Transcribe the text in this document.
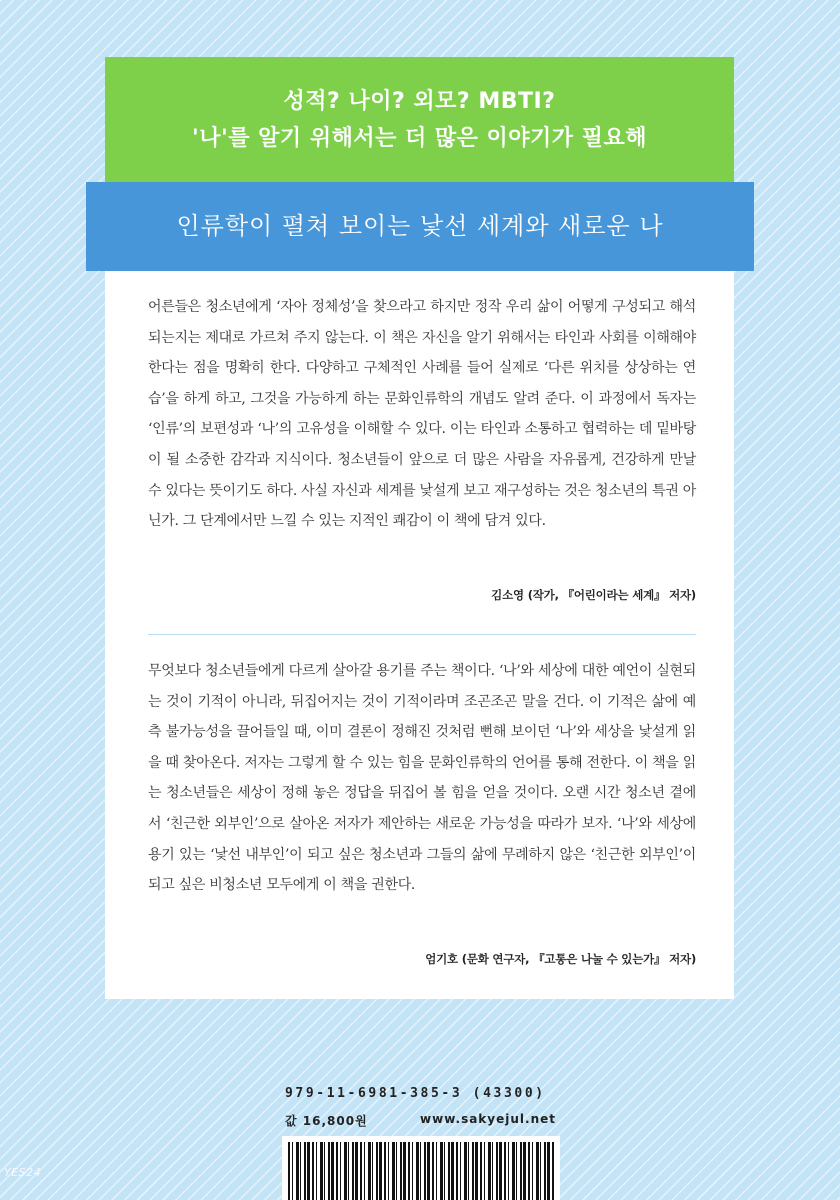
성적? 나이? 외모? MBTI?
'나'를 알기 위해서는 더 많은 이야기가 필요해
인류학이 펼쳐 보이는 낯선 세계와 새로운 나

어른들은 청소년에게 ‘자아 정체성’을 찾으라고 하지만 정작 우리 삶이 어떻게 구성되고 해석되는지는 제대로 가르쳐 주지 않는다. 이 책은 자신을 알기 위해서는 타인과 사회를 이해해야 한다는 점을 명확히 한다. 다양하고 구체적인 사례를 들어 실제로 ‘다른 위치를 상상하는 연습’을 하게 하고, 그것을 가능하게 하는 문화인류학의 개념도 알려 준다. 이 과정에서 독자는 ‘인류’의 보편성과 ‘나’의 고유성을 이해할 수 있다. 이는 타인과 소통하고 협력하는 데 밑바탕이 될 소중한 감각과 지식이다. 청소년들이 앞으로 더 많은 사람을 자유롭게, 건강하게 만날 수 있다는 뜻이기도 하다. 사실 자신과 세계를 낯설게 보고 재구성하는 것은 청소년의 특권 아닌가. 그 단계에서만 느낄 수 있는 지적인 쾌감이 이 책에 담겨 있다.

김소영 (작가, 『어린이라는 세계』 저자)

무엇보다 청소년들에게 다르게 살아갈 용기를 주는 책이다. ‘나’와 세상에 대한 예언이 실현되는 것이 기적이 아니라, 뒤집어지는 것이 기적이라며 조곤조곤 말을 건다. 이 기적은 삶에 예측 불가능성을 끌어들일 때, 이미 결론이 정해진 것처럼 뻔해 보이던 ‘나’와 세상을 낯설게 읽을 때 찾아온다. 저자는 그렇게 할 수 있는 힘을 문화인류학의 언어를 통해 전한다. 이 책을 읽는 청소년들은 세상이 정해 놓은 정답을 뒤집어 볼 힘을 얻을 것이다. 오랜 시간 청소년 곁에서 ‘친근한 외부인’으로 살아온 저자가 제안하는 새로운 가능성을 따라가 보자. ‘나’와 세상에 용기 있는 ‘낯선 내부인’이 되고 싶은 청소년과 그들의 삶에 무례하지 않은 ‘친근한 외부인’이 되고 싶은 비청소년 모두에게 이 책을 권한다.

엄기호 (문화 연구자, 『고통은 나눌 수 있는가』 저자)
979-11-6981-385-3 (43300)
값 16,800원	www.sakyejul.net
YES24
